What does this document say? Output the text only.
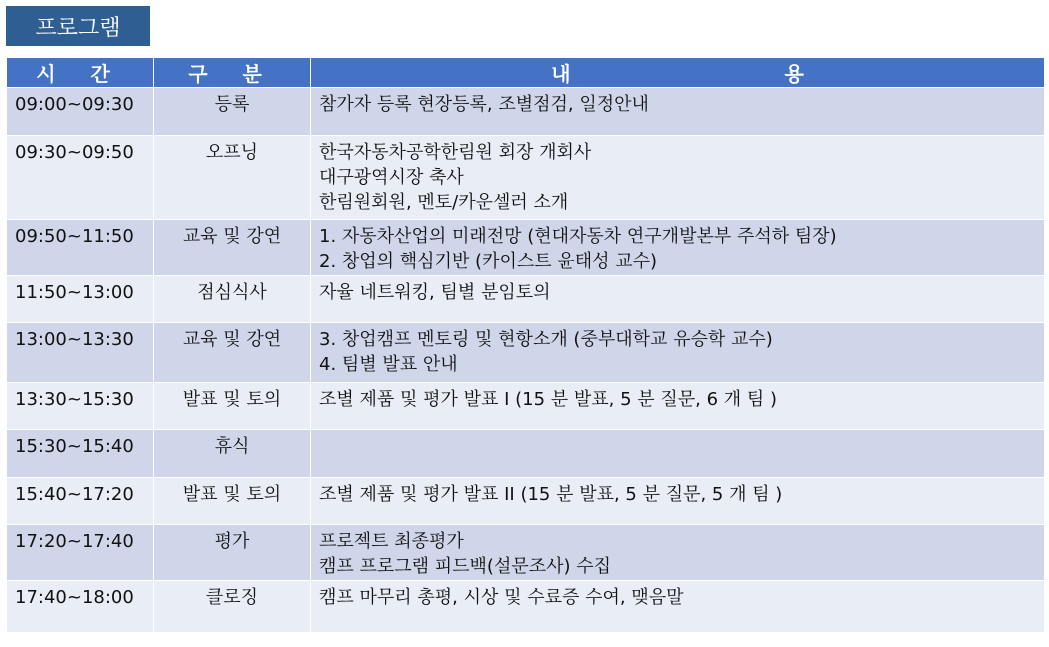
프로그램
시 간	구 분	내 용
09:00~09:30	등록	참가자 등록 현장등록, 조별점검, 일정안내

09:30~09:50	오프닝	한국자동차공학한림원 회장 개회사
대구광역시장 축사
한림원회원, 멘토/카운셀러 소개

09:50~11:50	교육 및 강연	1. 자동차산업의 미래전망 (현대자동차 연구개발본부 주석하 팀장)
2. 창업의 핵심기반 (카이스트 윤태성 교수)

11:50~13:00	점심식사	자율 네트워킹, 팀별 분임토의

13:00~13:30	교육 및 강연	3. 창업캠프 멘토링 및 현항소개 (중부대학교 유승학 교수)
4. 팀별 발표 안내

13:30~15:30	발표 및 토의	조별 제품 및 평가 발표 I (15 분 발표, 5 분 질문, 6 개 팀 )

15:30~15:40	휴식	
15:40~17:20	발표 및 토의	조별 제품 및 평가 발표 II (15 분 발표, 5 분 질문, 5 개 팀 )

17:20~17:40	평가	프로젝트 최종평가
캠프 프로그램 피드백(설문조사) 수집

17:40~18:00	클로징	캠프 마무리 총평, 시상 및 수료증 수여, 맺음말
